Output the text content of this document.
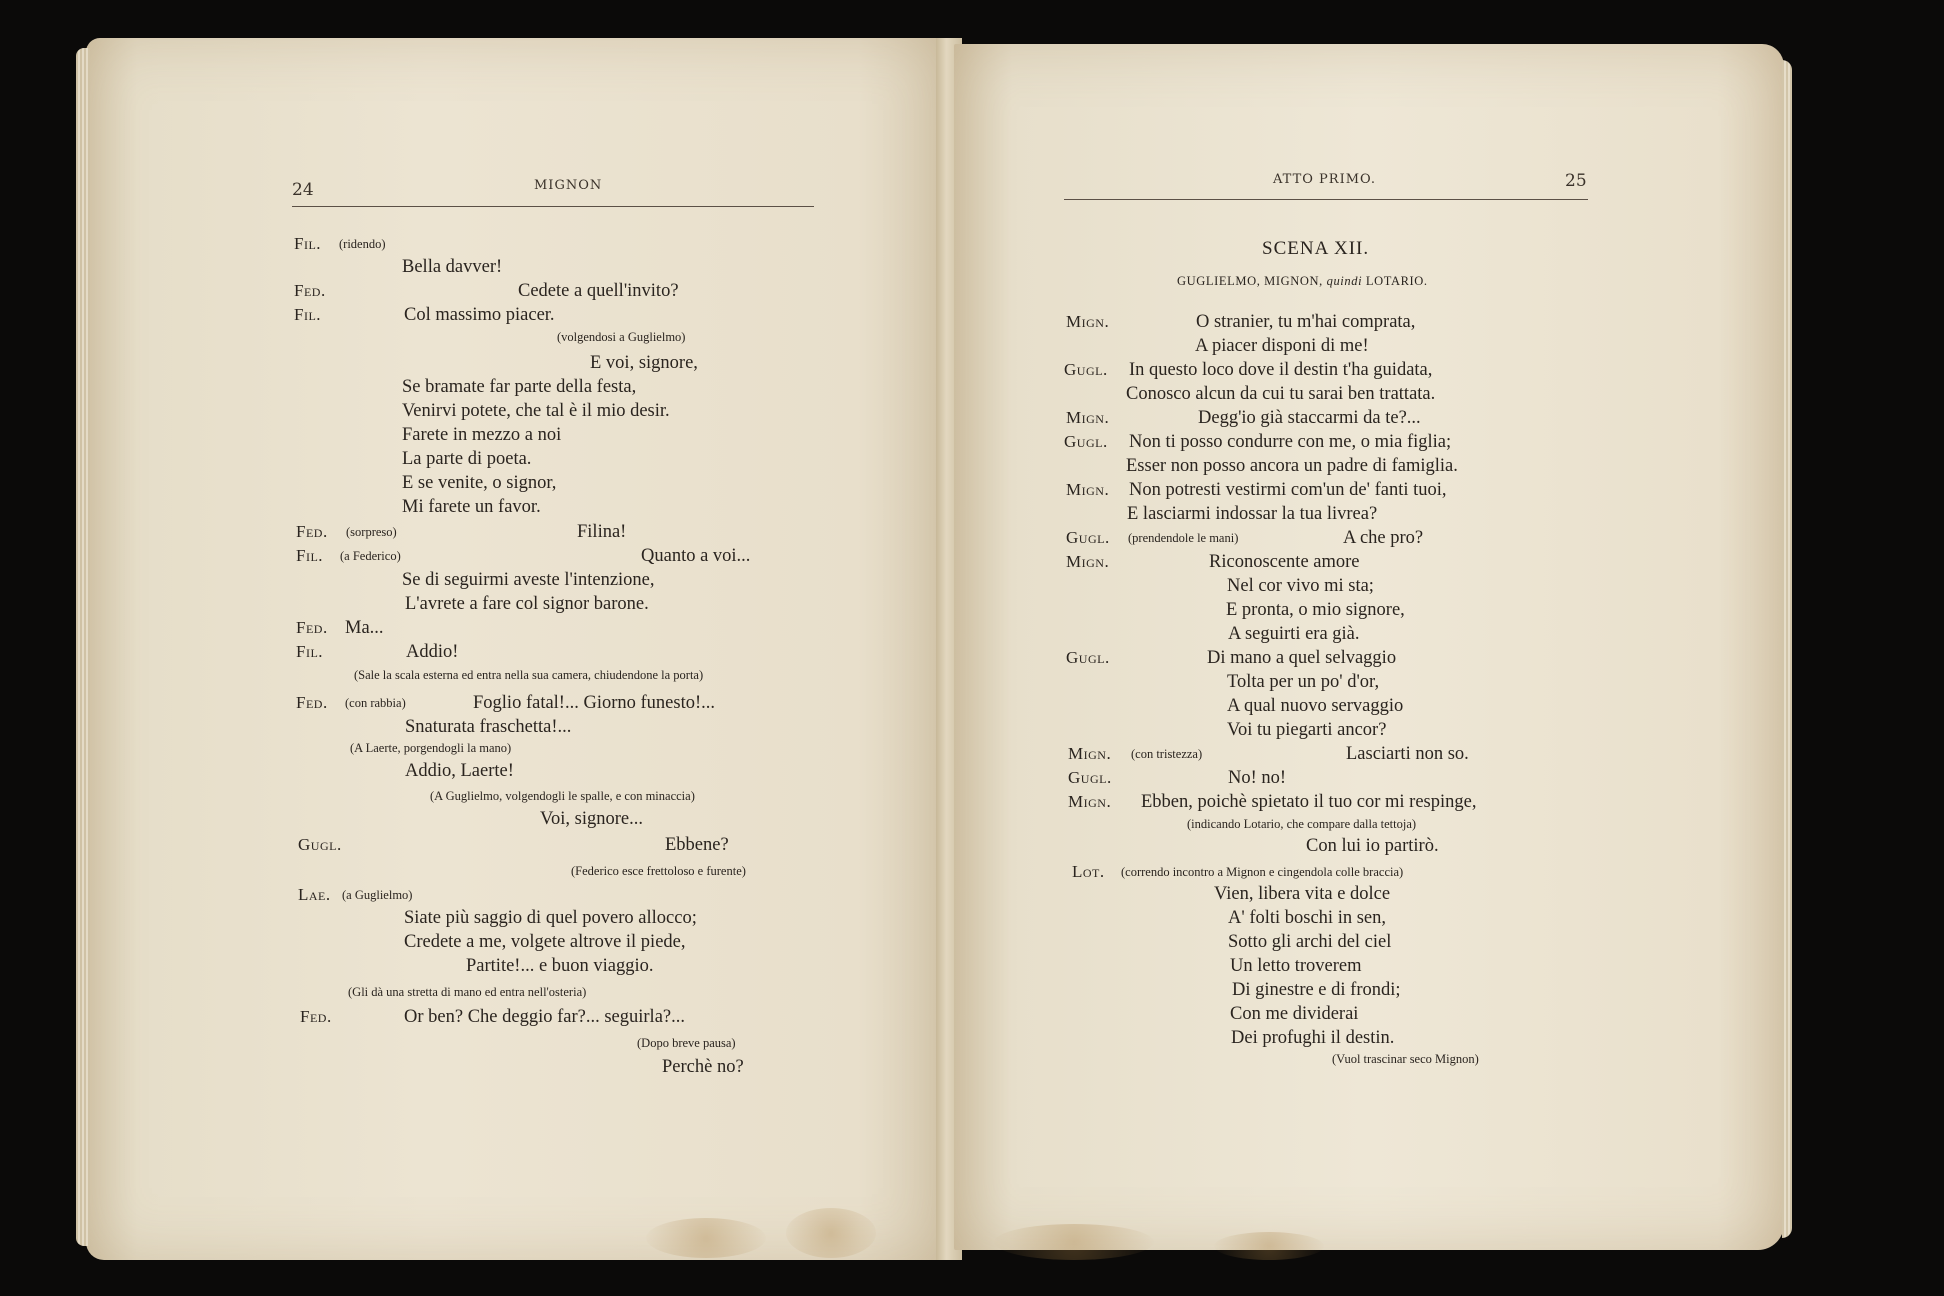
24	MIGNON	ATTO PRIMO.	25
SCENA XII.
GUGLIELMO, MIGNON, quindi LOTARIO.
Fil. (ridendo)
Bella davver!
Fed.	Cedete a quell'invito?
Fil.	Col massimo piacer.
(volgendosi a Guglielmo)
E voi, signore,
Se bramate far parte della festa,
Venirvi potete, che tal è il mio desir.
Farete in mezzo a noi
La parte di poeta.
E se venite, o signor,
Mi farete un favor.
Fed. (sorpreso)	Filina!
Fil. (a Federico)	Quanto a voi...
Se di seguirmi aveste l'intenzione,
L'avrete a fare col signor barone.
Fed. Ma...
Fil.	Addio!
(Sale la scala esterna ed entra nella sua camera, chiudendone la porta)
Fed. (con rabbia)	Foglio fatal!... Giorno funesto!...
Snaturata fraschetta!...
(A Laerte, porgendogli la mano)
Addio, Laerte!
(A Guglielmo, volgendogli le spalle, e con minaccia)
Voi, signore...
Gugl.	Ebbene?
(Federico esce frettoloso e furente)
Lae. (a Guglielmo)
Siate più saggio di quel povero allocco;
Credete a me, volgete altrove il piede,
Partite!... e buon viaggio.
(Gli dà una stretta di mano ed entra nell'osteria)
Fed.	Or ben? Che deggio far?... seguirla?...
(Dopo breve pausa)
Perchè no?
Mign.	O stranier, tu m'hai comprata,
A piacer disponi di me!
Gugl. In questo loco dove il destin t'ha guidata,
Conosco alcun da cui tu sarai ben trattata.
Mign.	Degg'io già staccarmi da te?...
Gugl. Non ti posso condurre con me, o mia figlia;
Esser non posso ancora un padre di famiglia.
Mign. Non potresti vestirmi com'un de' fanti tuoi,
E lasciarmi indossar la tua livrea?
Gugl. (prendendole le mani)	A che pro?
Mign.	Riconoscente amore
Nel cor vivo mi sta;
E pronta, o mio signore,
A seguirti era già.
Gugl.	Di mano a quel selvaggio
Tolta per un po' d'or,
A qual nuovo servaggio
Voi tu piegarti ancor?
Mign. (con tristezza)	Lasciarti non so.
Gugl.	No! no!
Mign. Ebben, poichè spietato il tuo cor mi respinge,
(indicando Lotario, che compare dalla tettoja)
Con lui io partirò.
Lot. (correndo incontro a Mignon e cingendola colle braccia)
Vien, libera vita e dolce
A' folti boschi in sen,
Sotto gli archi del ciel
Un letto troverem
Di ginestre e di frondi;
Con me dividerai
Dei profughi il destin.
(Vuol trascinar seco Mignon)
